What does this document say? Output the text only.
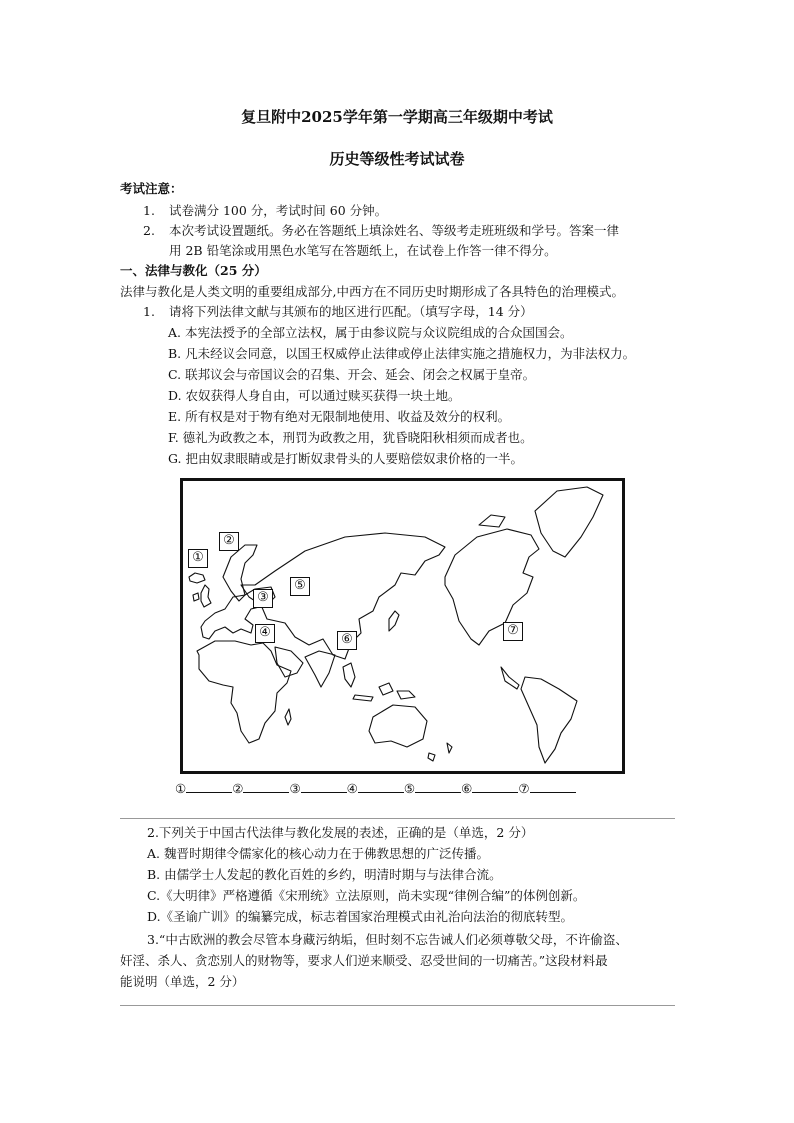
复旦附中2025学年第一学期高三年级期中考试
历史等级性考试试卷
考试注意：
1. 试卷满分 100 分，考试时间 60 分钟。
2. 本次考试设置题纸。务必在答题纸上填涂姓名、等级考走班班级和学号。答案一律
用 2B 铅笔涂或用黑色水笔写在答题纸上，在试卷上作答一律不得分。
一、法律与教化（25 分）
法律与教化是人类文明的重要组成部分,中西方在不同历史时期形成了各具特色的治理模式。
1. 请将下列法律文献与其颁布的地区进行匹配。（填写字母，14 分）
A. 本宪法授予的全部立法权，属于由参议院与众议院组成的合众国国会。
B. 凡未经议会同意，以国王权威停止法律或停止法律实施之措施权力，为非法权力。
C. 联邦议会与帝国议会的召集、开会、延会、闭会之权属于皇帝。
D. 农奴获得人身自由，可以通过赎买获得一块土地。
E. 所有权是对于物有绝对无限制地使用、收益及效分的权利。
F. 德礼为政教之本，刑罚为政教之用，犹昏晓阳秋相须而成者也。
G. 把由奴隶眼睛或是打断奴隶骨头的人要赔偿奴隶价格的一半。
①
②
③
④
⑤
⑥
⑦
①	②	③	④	⑤	⑥	⑦
2.下列关于中国古代法律与教化发展的表述，正确的是（单选，2 分）
A. 魏晋时期律令儒家化的核心动力在于佛教思想的广泛传播。
B. 由儒学士人发起的教化百姓的乡约，明清时期与与法律合流。
C.《大明律》严格遵循《宋刑统》立法原则，尚未实现“律例合编”的体例创新。
D.《圣谕广训》的编纂完成，标志着国家治理模式由礼治向法治的彻底转型。
3.“中古欧洲的教会尽管本身藏污纳垢，但时刻不忘告诫人们必须尊敬父母，不许偷盗、
奸淫、杀人、贪恋别人的财物等，要求人们逆来顺受、忍受世间的一切痛苦。”这段材料最
能说明（单选，2 分）
